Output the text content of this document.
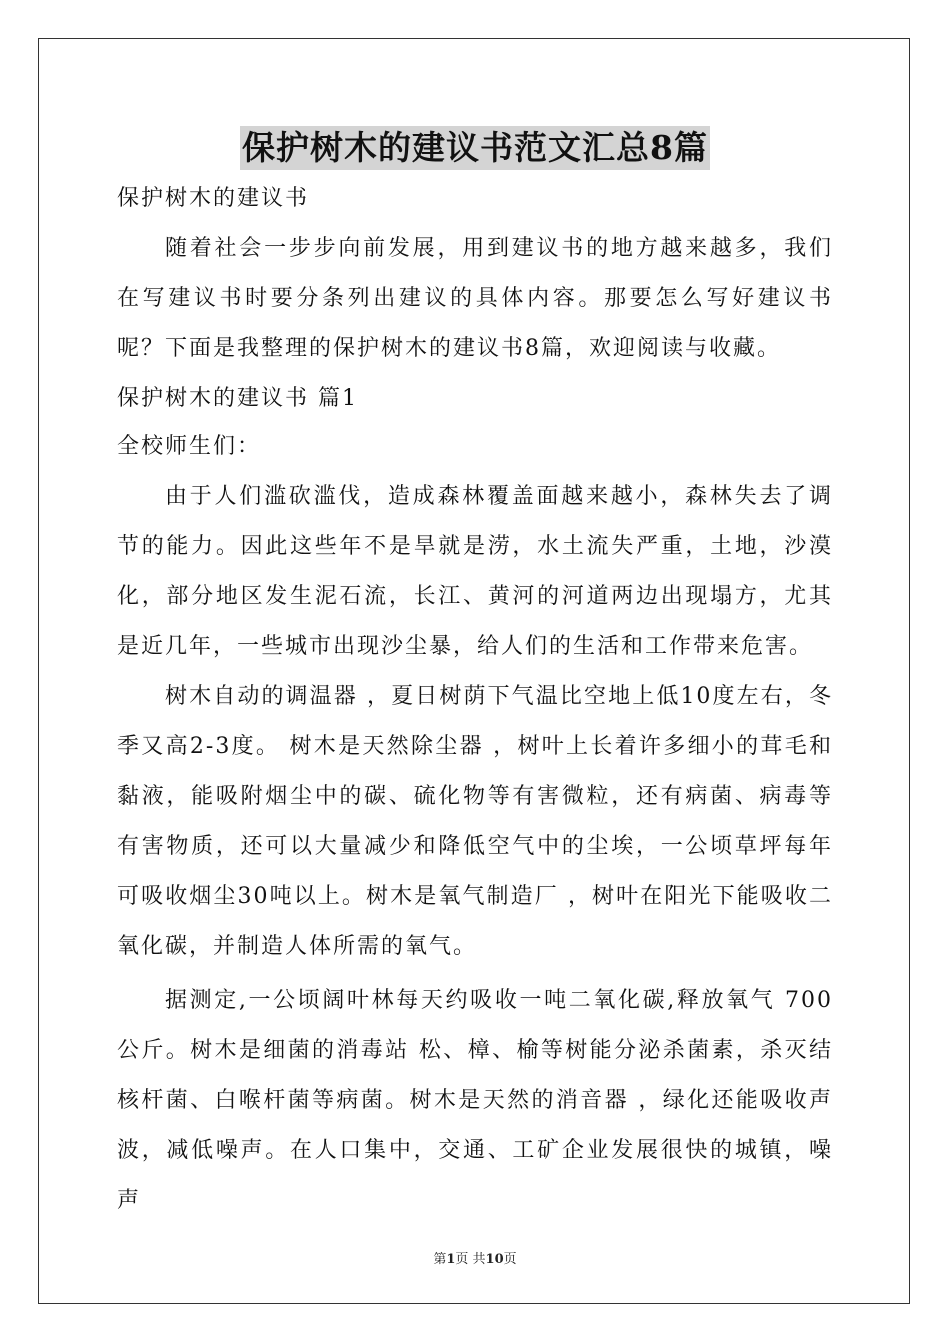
保护树木的建议书范文汇总8篇

保护树木的建议书

随着社会一步步向前发展，用到建议书的地方越来越多，我们在写建议书时要分条列出建议的具体内容。那要怎么写好建议书呢？下面是我整理的保护树木的建议书8篇，欢迎阅读与收藏。

保护树木的建议书 篇1

全校师生们：

由于人们滥砍滥伐，造成森林覆盖面越来越小，森林失去了调节的能力。因此这些年不是旱就是涝，水土流失严重，土地，沙漠化，部分地区发生泥石流，长江、黄河的河道两边出现塌方，尤其是近几年，一些城市出现沙尘暴，给人们的生活和工作带来危害。

树木自动的调温器 ，夏日树荫下气温比空地上低10度左右，冬季又高2-3度。 树木是天然除尘器 ，树叶上长着许多细小的茸毛和黏液，能吸附烟尘中的碳、硫化物等有害微粒，还有病菌、病毒等有害物质，还可以大量减少和降低空气中的尘埃，一公顷草坪每年可吸收烟尘30吨以上。树木是氧气制造厂 ，树叶在阳光下能吸收二氧化碳，并制造人体所需的氧气。

据测定,一公顷阔叶林每天约吸收一吨二氧化碳,释放氧气 700公斤。树木是细菌的消毒站 松、樟、榆等树能分泌杀菌素，杀灭结核杆菌、白喉杆菌等病菌。树木是天然的消音器 ，绿化还能吸收声波，减低噪声。在人口集中，交通、工矿企业发展很快的城镇，噪声

第1页 共10页
